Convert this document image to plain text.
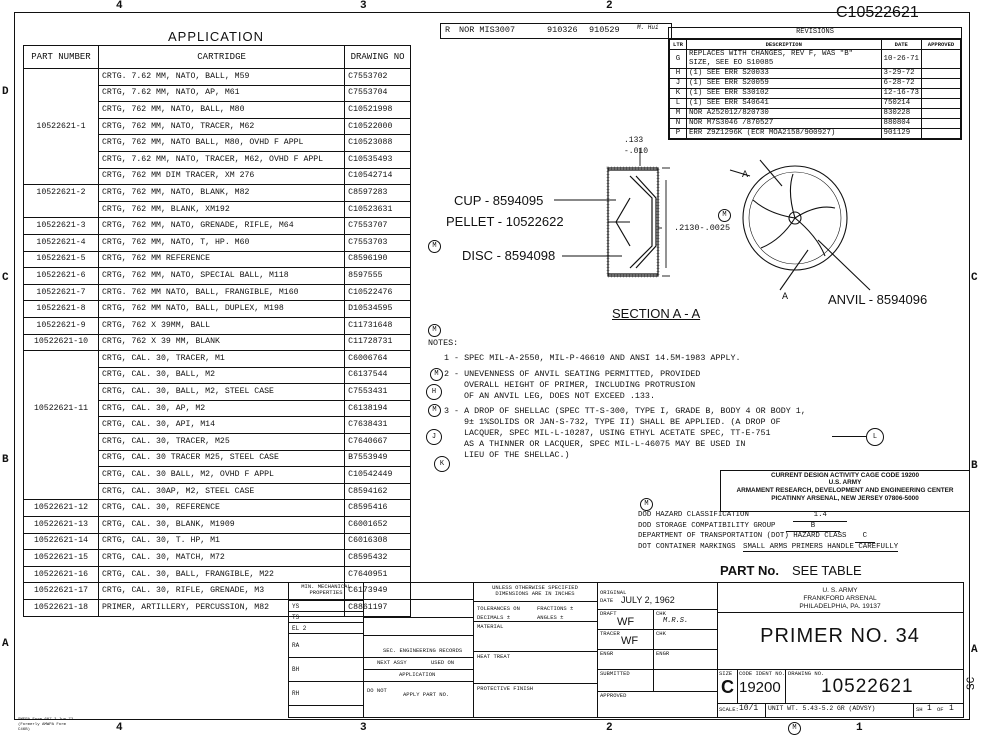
4	3	2
4	3	2	1
D
C
B
A
C
B
A
C10522621
R NOR MIS3007	910326 910529	M. Hui
APPLICATION
PART NUMBER	CARTRIDGE	DRAWING NO
	CRTG. 7.62 MM, NATO, BALL, M59	C7553702
	CRTG, 7.62 MM, NATO, AP, M61	C7553704
	CRTG, 762 MM, NATO, BALL, M80	C10521998
10522621-1	CRTG, 762 MM, NATO, TRACER, M62	C10522000
	CRTG, 762 MM, NATO BALL, M80, OVHD F APPL	C10523088
	CRTG, 7.62 MM, NATO, TRACER, M62, OVHD F APPL	C10535493
	CRTG, 762 MM DIM TRACER, XM 276	C10542714
10522621-2	CRTG, 762 MM, NATO, BLANK, M82	C8597283
	CRTG, 762 MM, BLANK, XM192	C10523631
10522621-3	CRTG, 762 MM, NATO, GRENADE, RIFLE, M64	C7553707
10522621-4	CRTG, 762 MM, NATO, T, HP. M60	C7553703
10522621-5	CRTG, 762 MM REFERENCE	C8596190
10522621-6	CRTG, 762 MM, NATO, SPECIAL BALL, M118	8597555
10522621-7	CRTG. 762 MM NATO, BALL, FRANGIBLE, M160	C10522476
10522621-8	CRTG, 762 MM NATO, BALL, DUPLEX, M198	D10534595
10522621-9	CRTG, 762 X 39MM, BALL	C11731648
10522621-10	CRTG, 762 X 39 MM, BLANK	C11728731
	CRTG, CAL. 30, TRACER, M1	C6006764
	CRTG, CAL. 30, BALL, M2	C6137544
	CRTG, CAL. 30, BALL, M2, STEEL CASE	C7553431
10522621-11	CRTG, CAL. 30, AP, M2	C6138194
	CRTG, CAL. 30, API, M14	C7638431
	CRTG, CAL. 30, TRACER, M25	C7640667
	CRTG, CAL. 30 TRACER M25, STEEL CASE	B7553949
	CRTG, CAL. 30 BALL, M2, OVHD F APPL	C10542449
	CRTG, CAL. 30AP, M2, STEEL CASE	C8594162
10522621-12	CRTG, CAL. 30, REFERENCE	C8595416
10522621-13	CRTG, CAL. 30, BLANK, M1909	C6001652
10522621-14	CRTG, CAL. 30, T. HP, M1	C6016308
10522621-15	CRTG, CAL. 30, MATCH, M72	C8595432
10522621-16	CRTG, CAL. 30, BALL, FRANGIBLE, M22	C7640951
10522621-17	CRTG, CAL. 30, RIFLE, GRENADE, M3	C6173949
10522621-18	PRIMER, ARTILLERY, PERCUSSION, M82	C8861197
REVISIONS
LTR	DESCRIPTION	DATE	APPROVED
G	REPLACES WITH CHANGES, REV F, WAS "B" SIZE, SEE EO S10085	10-26-71	
H	(1) SEE ERR S20033	3-29-72	
J	(1) SEE ERR S20059	6-28-72	
K	(1) SEE ERR S30102	12-16-73	
L	(1) SEE ERR S40641	750214	
M	NOR A252012/820730	830228	
N	NOR M7S3046 /870527	880804	
P	ERR Z9Z1296K (ECR MOA2158/900927)	901129	
CUP - 8594095
PELLET - 10522622
DISC - 8594098
.133
-.010
.2130-.0025
SECTION A - A
ANVIL - 8594096
A
A
M
M
M
NOTES:
1 - SPEC MIL-A-2550, MIL-P-46610 AND ANSI 14.5M-1983 APPLY.
M 2 - UNEVENNESS OF ANVIL SEATING PERMITTED, PROVIDED
OVERALL HEIGHT OF PRIMER, INCLUDING PROTRUSION
OF AN ANVIL LEG, DOES NOT EXCEED .133.
H
M 3 - A DROP OF SHELLAC (SPEC TT-S-300, TYPE I, GRADE B, BODY 4 OR BODY 1,
9± 1%SOLIDS OR JAN-S-732, TYPE II) SHALL BE APPLIED. (A DROP OF
LACQUER, SPEC MIL-L-10287, USING ETHYL ACETATE SPEC, TT-E-751
AS A THINNER OR LACQUER, SPEC MIL-L-46075 MAY BE USED IN
LIEU OF THE SHELLAC.)
J
K
L
CURRENT DESIGN ACTIVITY CAGE CODE 19200
U.S. ARMY
ARMAMENT RESEARCH, DEVELOPMENT AND ENGINEERING CENTER
PICATINNY ARSENAL, NEW JERSEY 07806-5000
M
DOD HAZARD CLASSIFICATION	1.4
DOD STORAGE COMPATIBILITY GROUP	B
DEPARTMENT OF TRANSPORTATION (DOT) HAZARD CLASS C
DOT CONTAINER MARKINGS SMALL ARMS PRIMERS HANDLE CAREFULLY
PART No. SEE TABLE
MIN. MECHANICAL PROPERTIES
YS
TS
EL 2
RA
BH
RH
SEC. ENGINEERING RECORDS
NEXT ASSY	USED ON
APPLICATION
DO NOT
APPLY PART NO.
UNLESS OTHERWISE SPECIFIED DIMENSIONS ARE IN INCHES
TOLERANCES ON	FRACTIONS ±
DECIMALS ±	ANGLES ±
MATERIAL
HEAT TREAT
PROTECTIVE FINISH
ORIGINAL
DATE JULY 2, 1962
DRAFT
WF
CHK
M.R.S.
TRACER
WF
CHK
ENGR	ENGR
SUBMITTED
APPROVED
U. S. ARMY
FRANKFORD ARSENAL
PHILADELPHIA, PA. 19137
PRIMER NO. 34
SIZE
C
CODE IDENT NO.
19200
DRAWING NO.
10522621
SCALE: 10/1 UNIT WT. 5.43-5.2 GR (ADVSY)	SH 1 OF 1
SC
M
SMFPA Form 607-2 Jun 72 (Formerly AMWPA Form C46B)
